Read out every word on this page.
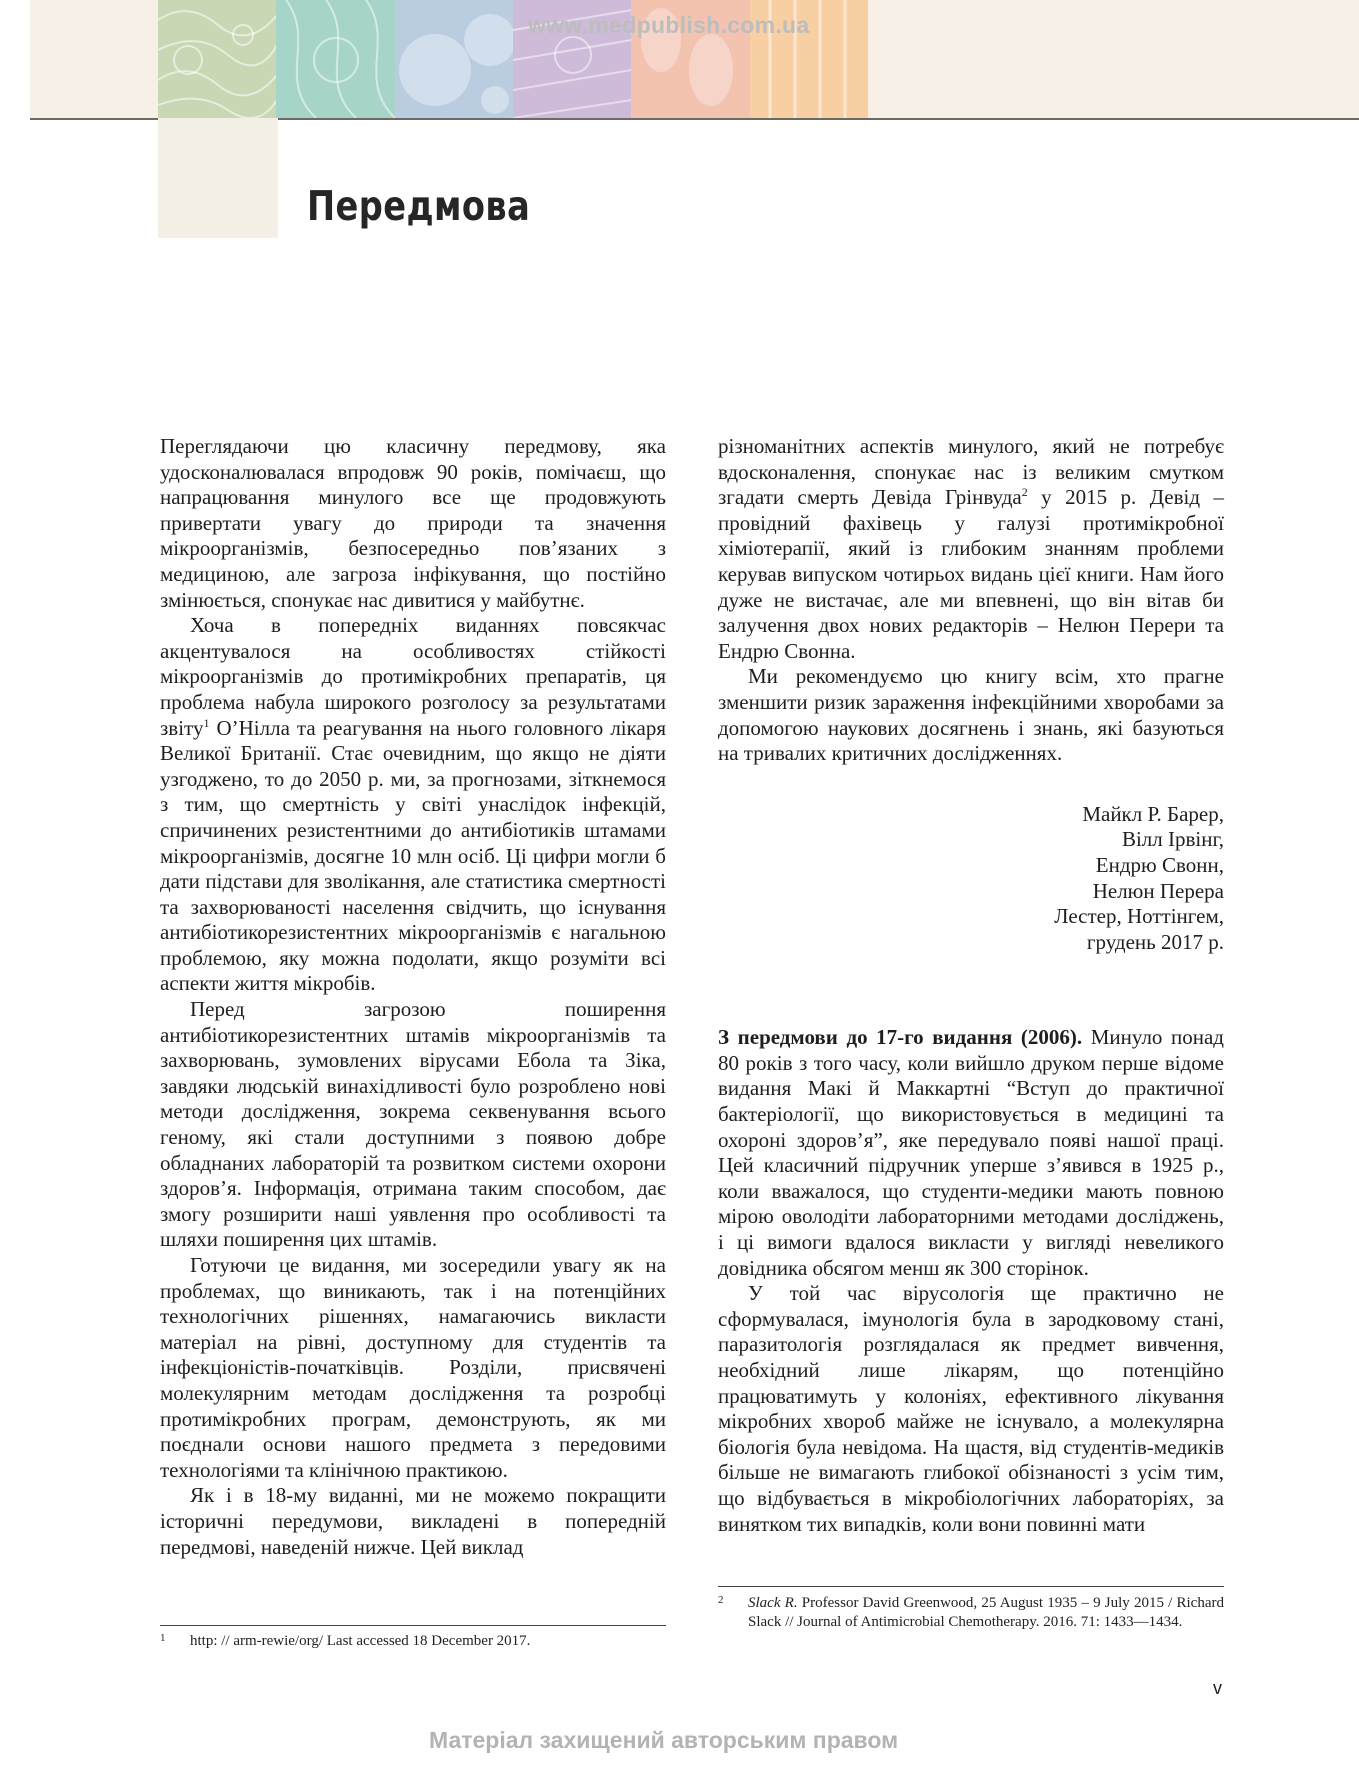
www.medpublish.com.ua
Передмова

Переглядаючи цю класичну передмову, яка удосконалювалася впродовж 90 років, помічаєш, що напрацювання минулого все ще продовжують привертати увагу до природи та значення мікроорганізмів, безпосередньо пов’язаних з медициною, але загроза інфікування, що постійно змінюється, спонукає нас дивитися у майбутнє.

Хоча в попередніх виданнях повсякчас акцентувалося на особливостях стійкості мікроорганізмів до протимікробних препаратів, ця проблема набула широкого розголосу за результатами звіту$^1$ О’Нілла та реагування на нього головного лікаря Великої Британії. Стає очевидним, що якщо не діяти узгоджено, то до 2050 р. ми, за прогнозами, зіткнемося з тим, що смертність у світі унаслідок інфекцій, спричинених резистентними до антибіотиків штамами мікроорганізмів, досягне 10 млн осіб. Ці цифри могли б дати підстави для зволікання, але статистика смертності та захворюваності населення свідчить, що існування антибіотикорезистентних мікроорганізмів є нагальною проблемою, яку можна подолати, якщо розуміти всі аспекти життя мікробів.

Перед загрозою поширення антибіотикорезистентних штамів мікроорганізмів та захворювань, зумовлених вірусами Ебола та Зіка, завдяки людській винахідливості було розроблено нові методи дослідження, зокрема секвенування всього геному, які стали доступними з появою добре обладнаних лабораторій та розвитком системи охорони здоров’я. Інформація, отримана таким способом, дає змогу розширити наші уявлення про особливості та шляхи поширення цих штамів.

Готуючи це видання, ми зосередили увагу як на проблемах, що виникають, так і на потенційних технологічних рішеннях, намагаючись викласти матеріал на рівні, доступному для студентів та інфекціоністів-початківців. Розділи, присвячені молекулярним методам дослідження та розробці протимікробних програм, демонструють, як ми поєднали основи нашого предмета з передовими технологіями та клінічною практикою.

Як і в 18-му виданні, ми не можемо покращити історичні передумови, викладені в попередній передмові, наведеній нижче. Цей виклад

різноманітних аспектів минулого, який не потребує вдосконалення, спонукає нас із великим смутком згадати смерть Девіда Грінвуда$^2$ у 2015 р. Девід – провідний фахівець у галузі протимікробної хіміотерапії, який із глибоким знанням проблеми керував випуском чотирьох видань цієї книги. Нам його дуже не вистачає, але ми впевнені, що він вітав би залучення двох нових редакторів – Нелюн Перери та Ендрю Свонна.

Ми рекомендуємо цю книгу всім, хто прагне зменшити ризик зараження інфекційними хворобами за допомогою наукових досягнень і знань, які базуються на тривалих критичних дослідженнях.

Майкл Р. Барер,
Вілл Ірвінг,
Ендрю Свонн,
Нелюн Перера
Лестер, Ноттінгем,
грудень 2017 р.

З передмови до 17-го видання (2006). Минуло понад 80 років з того часу, коли вийшло друком перше відоме видання Макі й Маккартні “Вступ до практичної бактеріології, що використовується в медицині та охороні здоров’я”, яке передувало появі нашої праці. Цей класичний підручник уперше з’явився в 1925 р., коли вважалося, що студенти-медики мають повною мірою оволодіти лабораторними методами досліджень, і ці вимоги вдалося викласти у вигляді невеликого довідника обсягом менш як 300 сторінок.

У той час вірусологія ще практично не сформувалася, імунологія була в зародковому стані, паразитологія розглядалася як предмет вивчення, необхідний лише лікарям, що потенційно працюватимуть у колоніях, ефективного лікування мікробних хвороб майже не існувало, а молекулярна біологія була невідома. На щастя, від студентів-медиків більше не вимагають глибокої обізнаності з усім тим, що відбувається в мікробіологічних лабораторіях, за винятком тих випадків, коли вони повинні мати

1 http: // arm-rewie/org/ Last accessed 18 December 2017.
2 Slack R. Professor David Greenwood, 25 August 1935 – 9 July 2015 / Richard Slack // Journal of Antimicrobial Chemotherapy. 2016. 71: 1433—1434.
v
Матеріал захищений авторським правом
